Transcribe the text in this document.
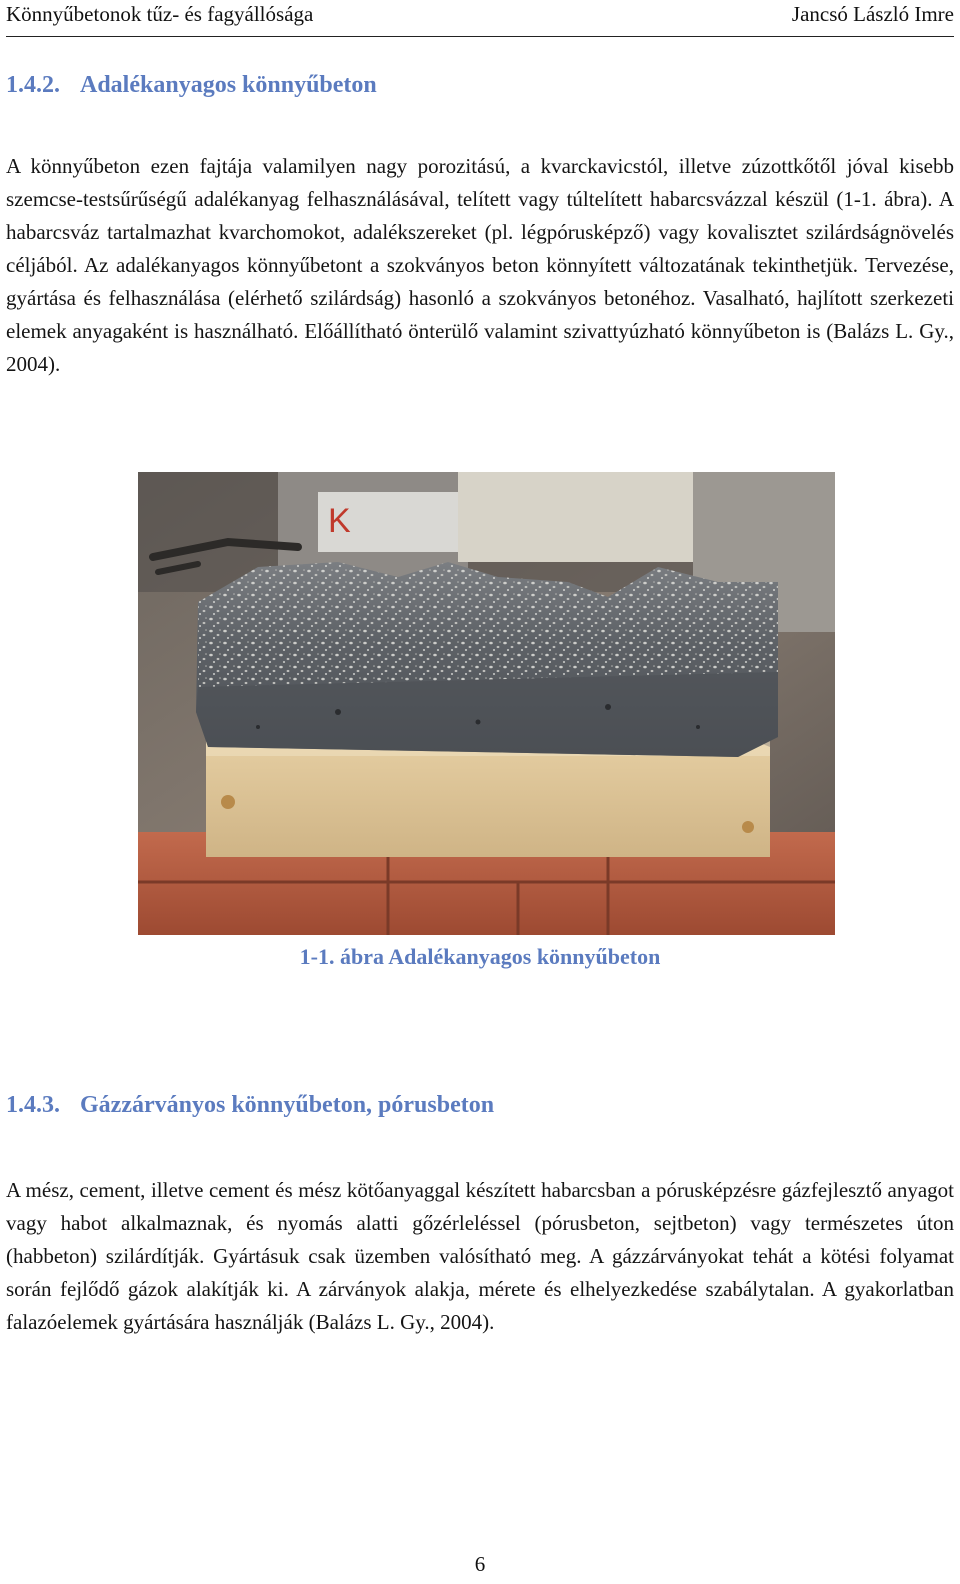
Könnyűbetonok tűz- és fagyállósága	Jancsó László Imre
1.4.2. Adalékanyagos könnyűbeton

A könnyűbeton ezen fajtája valamilyen nagy porozitású, a kvarckavicstól, illetve zúzottkőtől jóval kisebb szemcse-testsűrűségű adalékanyag felhasználásával, telített vagy túltelített habarcsvázzal készül (1-1. ábra). A habarcsváz tartalmazhat kvarchomokot, adalékszereket (pl. légpórusképző) vagy kovalisztet szilárdságnövelés céljából. Az adalékanyagos könnyűbetont a szokványos beton könnyített változatának tekinthetjük. Tervezése, gyártása és felhasználása (elérhető szilárdság) hasonló a szokványos betonéhoz. Vasalható, hajlított szerkezeti elemek anyagaként is használható. Előállítható önterülő valamint szivattyúzható könnyűbeton is (Balázs L. Gy., 2004).

K
1-1. ábra Adalékanyagos könnyűbeton
1.4.3. Gázzárványos könnyűbeton, pórusbeton

A mész, cement, illetve cement és mész kötőanyaggal készített habarcsban a pórusképzésre gázfejlesztő anyagot vagy habot alkalmaznak, és nyomás alatti gőzérleléssel (pórusbeton, sejtbeton) vagy természetes úton (habbeton) szilárdítják. Gyártásuk csak üzemben valósítható meg. A gázzárványokat tehát a kötési folyamat során fejlődő gázok alakítják ki. A zárványok alakja, mérete és elhelyezkedése szabálytalan. A gyakorlatban falazóelemek gyártására használják (Balázs L. Gy., 2004).

6
